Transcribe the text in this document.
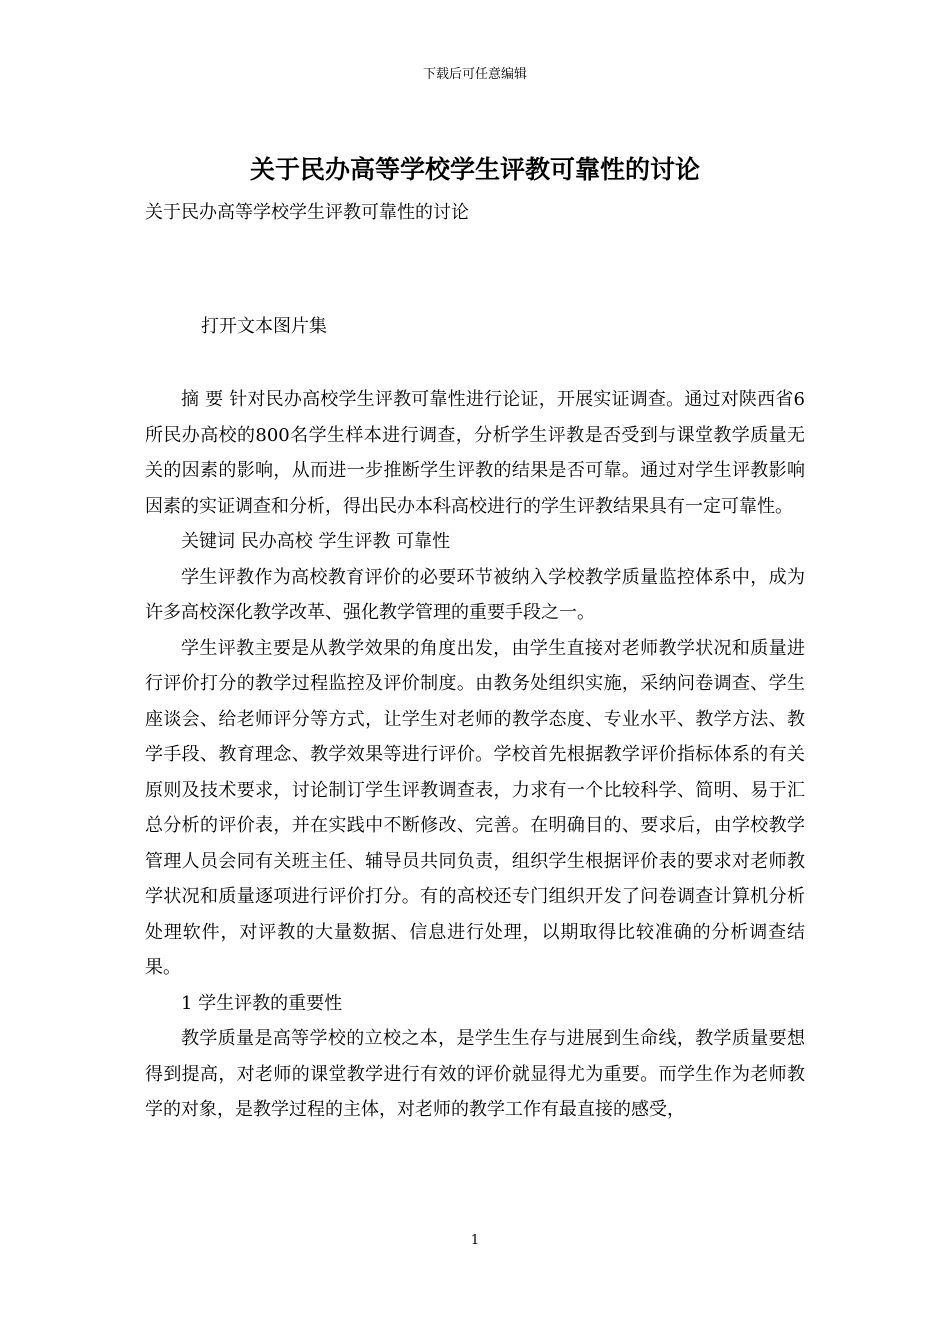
下载后可任意编辑
关于民办高等学校学生评教可靠性的讨论
关于民办高等学校学生评教可靠性的讨论
打开文本图片集

摘 要 针对民办高校学生评教可靠性进行论证，开展实证调查。通过对陕西省6所民办高校的800名学生样本进行调查，分析学生评教是否受到与课堂教学质量无关的因素的影响，从而进一步推断学生评教的结果是否可靠。通过对学生评教影响因素的实证调查和分析，得出民办本科高校进行的学生评教结果具有一定可靠性。

关键词 民办高校 学生评教 可靠性

学生评教作为高校教育评价的必要环节被纳入学校教学质量监控体系中，成为许多高校深化教学改革、强化教学管理的重要手段之一。

学生评教主要是从教学效果的角度出发，由学生直接对老师教学状况和质量进行评价打分的教学过程监控及评价制度。由教务处组织实施，采纳问卷调查、学生座谈会、给老师评分等方式，让学生对老师的教学态度、专业水平、教学方法、教学手段、教育理念、教学效果等进行评价。学校首先根据教学评价指标体系的有关原则及技术要求，讨论制订学生评教调查表，力求有一个比较科学、简明、易于汇总分析的评价表，并在实践中不断修改、完善。在明确目的、要求后，由学校教学管理人员会同有关班主任、辅导员共同负责，组织学生根据评价表的要求对老师教学状况和质量逐项进行评价打分。有的高校还专门组织开发了问卷调查计算机分析处理软件，对评教的大量数据、信息进行处理，以期取得比较准确的分析调查结果。

1 学生评教的重要性

教学质量是高等学校的立校之本，是学生生存与进展到生命线，教学质量要想得到提高，对老师的课堂教学进行有效的评价就显得尤为重要。而学生作为老师教学的对象，是教学过程的主体，对老师的教学工作有最直接的感受，

1
